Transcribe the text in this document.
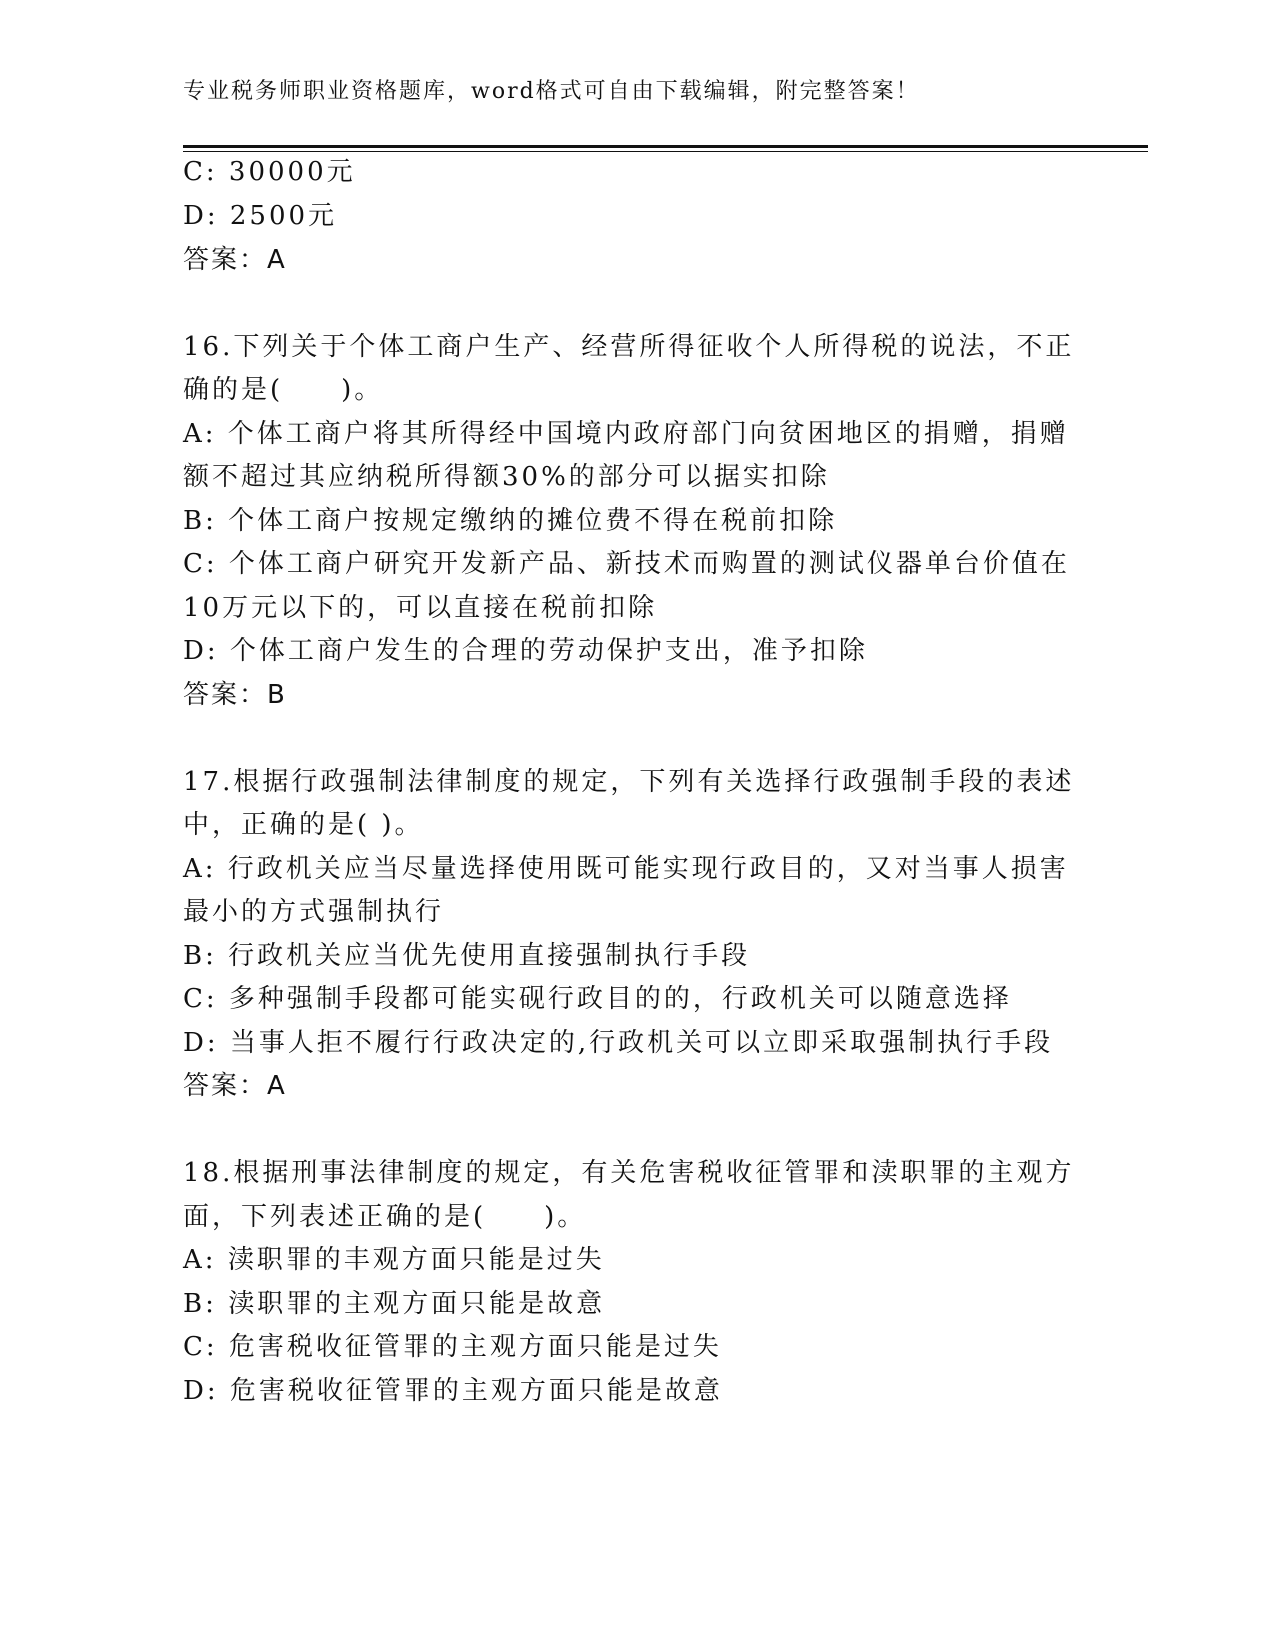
专业税务师职业资格题库，word格式可自由下载编辑，附完整答案！
C: 30000元
D: 2500元
答案：A
16.下列关于个体工商户生产、经营所得征收个人所得税的说法，不正
确的是(　　)。
A: 个体工商户将其所得经中国境内政府部门向贫困地区的捐赠，捐赠
额不超过其应纳税所得额30%的部分可以据实扣除
B: 个体工商户按规定缴纳的摊位费不得在税前扣除
C: 个体工商户研究开发新产品、新技术而购置的测试仪器单台价值在
10万元以下的，可以直接在税前扣除
D: 个体工商户发生的合理的劳动保护支出，准予扣除
答案：B
17.根据行政强制法律制度的规定，下列有关选择行政强制手段的表述
中，正确的是( )。
A: 行政机关应当尽量选择使用既可能实现行政目的，又对当事人损害
最小的方式强制执行
B: 行政机关应当优先使用直接强制执行手段
C: 多种强制手段都可能实砚行政目的的，行政机关可以随意选择
D: 当事人拒不履行行政决定的,行政机关可以立即采取强制执行手段
答案：A
18.根据刑事法律制度的规定，有关危害税收征管罪和渎职罪的主观方
面，下列表述正确的是(　　)。
A: 渎职罪的丰观方面只能是过失
B: 渎职罪的主观方面只能是故意
C: 危害税收征管罪的主观方面只能是过失
D: 危害税收征管罪的主观方面只能是故意
